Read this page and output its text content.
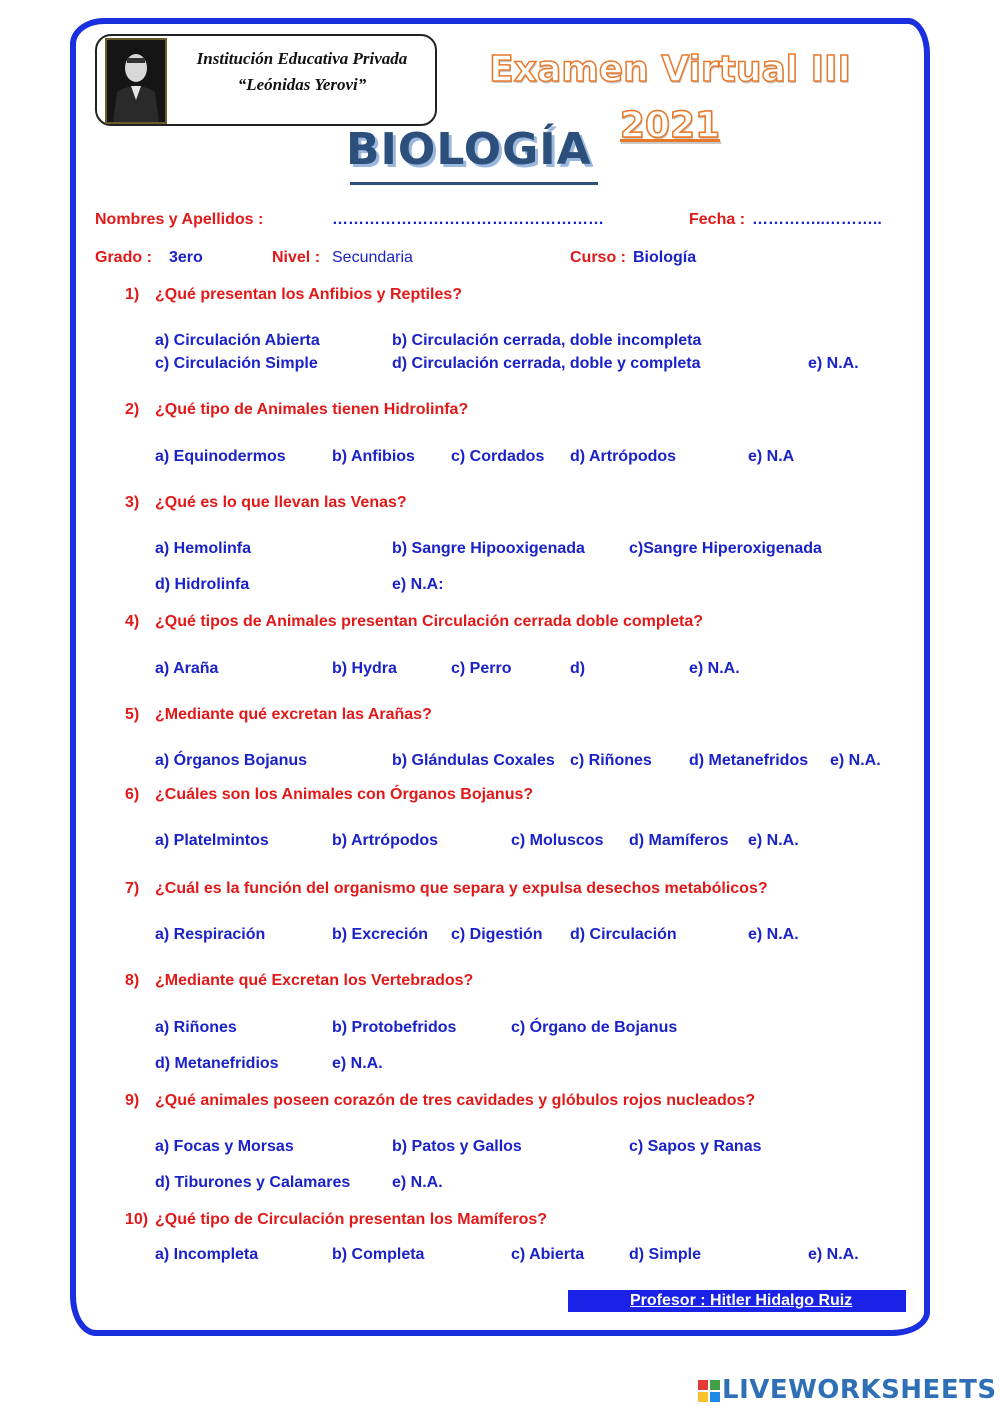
Institución Educativa Privada
“Leónidas Yerovi”	Examen Virtual III
2021
BIOLOGÍA
Nombres y Apellidos :	……………………………………………	Fecha : …………..………..
Grado : 3ero	Nivel : Secundaria	Curso : Biología
1) ¿Qué presentan los Anfibios y Reptiles?
a) Circulación Abierta	b) Circulación cerrada, doble incompleta
c) Circulación Simple	d) Circulación cerrada, doble y completa	e) N.A.
2) ¿Qué tipo de Animales tienen Hidrolinfa?
a) Equinodermos	b) Anfibios c) Cordados d) Artrópodos	e) N.A
3) ¿Qué es lo que llevan las Venas?
a) Hemolinfa	b) Sangre Hipooxigenada	c)Sangre Hiperoxigenada
d) Hidrolinfa	e) N.A:
4) ¿Qué tipos de Animales presentan Circulación cerrada doble completa?
a) Araña	b) Hydra	c) Perro	d)	e) N.A.
5) ¿Mediante qué excretan las Arañas?
a) Órganos Bojanus	b) Glándulas Coxales c) Riñones d) Metanefridos e) N.A.
6) ¿Cuáles son los Animales con Órganos Bojanus?
a) Platelmintos	b) Artrópodos	c) Moluscos d) Mamíferos e) N.A.
7) ¿Cuál es la función del organismo que separa y expulsa desechos metabólicos?
a) Respiración	b) Excreción c) Digestión d) Circulación	e) N.A.
8) ¿Mediante qué Excretan los Vertebrados?
a) Riñones	b) Protobefridos	c) Órgano de Bojanus
d) Metanefridios	e) N.A.
9) ¿Qué animales poseen corazón de tres cavidades y glóbulos rojos nucleados?
a) Focas y Morsas	b) Patos y Gallos	c) Sapos y Ranas
d) Tiburones y Calamares	e) N.A.
10) ¿Qué tipo de Circulación presentan los Mamíferos?
a) Incompleta	b) Completa	c) Abierta	d) Simple	e) N.A.
Profesor : Hitler Hidalgo Ruiz
LIVEWORKSHEETS
